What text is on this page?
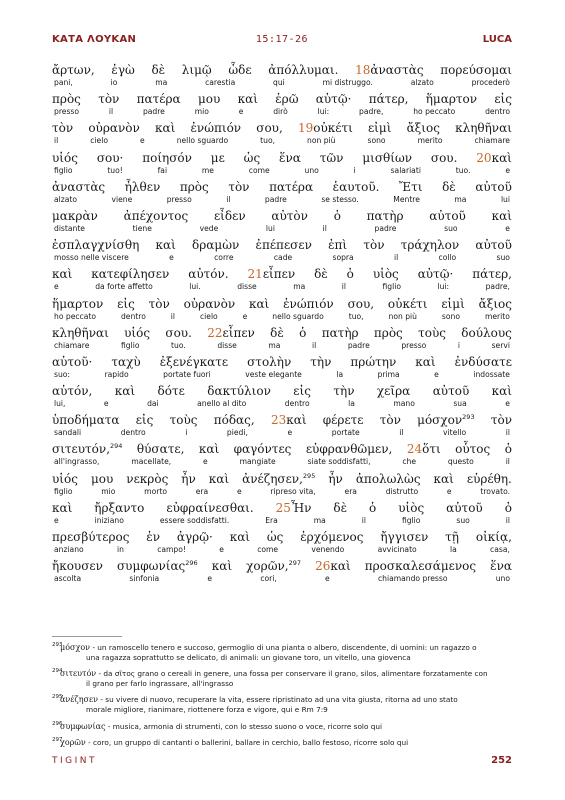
ΚΑΤΑ ΛΟΥΚΑΝ	15:17-26	LUCA
ἄρτων, ἐγὼ δὲ λιμῷ ὧδε ἀπόλλυμαι. 18ἀναστὰς πορεύσομαι
pani,	io	ma	carestia	qui	mi distruggo.	alzato	procederò
πρὸς τὸν πατέρα μου καὶ ἐρῶ αὐτῷ· πάτερ, ἥμαρτον εἰς
presso	il	padre	mio	e	dirò	lui:	padre,	ho peccato	dentro
τὸν οὐρανὸν καὶ ἐνώπιόν σου, 19οὐκέτι εἰμὶ ἄξιος κληθῆναι
il	cielo	e	nello sguardo	tuo,	non più	sono	merito	chiamare
υἱός σου· ποίησόν με ὡς ἕνα τῶν μισθίων σου. 20καὶ
figlio	tuo!	fai	me	come	uno	i	salariati	tuo.	e
ἀναστὰς ἦλθεν πρὸς τὸν πατέρα ἑαυτοῦ. Ἔτι δὲ αὐτοῦ
alzato	viene	presso	il	padre	se stesso.	Mentre	ma	lui
μακρὰν ἀπέχοντος εἶδεν αὐτὸν ὁ πατὴρ αὐτοῦ καὶ
distante	tiene	vede	lui	il	padre	suo	e
ἐσπλαγχνίσθη καὶ δραμὼν ἐπέπεσεν ἐπὶ τὸν τράχηλον αὐτοῦ
mosso nelle viscere	e	corre	cade	sopra	il	collo	suo
καὶ κατεφίλησεν αὐτόν. 21εἶπεν δὲ ὁ υἱὸς αὐτῷ· πάτερ,
e	da forte affetto	lui.	disse	ma	il	figlio	lui:	padre,
ἥμαρτον εἰς τὸν οὐρανὸν καὶ ἐνώπιόν σου, οὐκέτι εἰμὶ ἄξιος
ho peccato	dentro	il	cielo	e	nello sguardo	tuo,	non più	sono	merito
κληθῆναι υἱός σου. 22εἶπεν δὲ ὁ πατὴρ πρὸς τοὺς δούλους
chiamare	figlio	tuo.	disse	ma	il	padre	presso	i	servi
αὐτοῦ· ταχὺ ἐξενέγκατε στολὴν τὴν πρώτην καὶ ἐνδύσατε
suo:	rapido	portate fuori	veste elegante	la	prima	e	indossate
αὐτόν, καὶ δότε δακτύλιον εἰς τὴν χεῖρα αὐτοῦ καὶ
lui,	e	dai	anello al dito	dentro	la	mano	sua	e
ὑποδήματα εἰς τοὺς πόδας, 23καὶ φέρετε τὸν μόσχον$^{293}$ τὸν
sandali	dentro	i	piedi,	e	portate	il	vitello	il
σιτευτόν,$^{294}$ θύσατε, καὶ φαγόντες εὐφρανθῶμεν, 24ὅτι οὗτος ὁ
all'ingrasso,	macellate,	e	mangiate	siate soddisfatti,	che	questo	il
υἱός μου νεκρὸς ἦν καὶ ἀνέζησεν,$^{295}$ ἦν ἀπολωλὼς καὶ εὑρέθη.
figlio	mio	morto	era	e	ripreso vita,	era	distrutto	e	trovato.
καὶ ἤρξαντο εὐφραίνεσθαι. 25Ἦν δὲ ὁ υἱὸς αὐτοῦ ὁ
e	iniziano	essere soddisfatti.	Era	ma	il	figlio	suo	il
πρεσβύτερος ἐν ἀγρῷ· καὶ ὡς ἐρχόμενος ἤγγισεν τῇ οἰκίᾳ,
anziano	in	campo!	e	come	venendo	avvicinato	la	casa,
ἤκουσεν συμφωνίας$^{296}$ καὶ χορῶν,$^{297}$ 26καὶ προσκαλεσάμενος ἕνα
ascolta	sinfonia	e	cori,	e	chiamando presso	uno
293
μόσχον - un ramoscello tenero e succoso, germoglio di una pianta o albero, discendente, di uomini: un ragazzo o
una ragazza soprattutto se delicato, di animali: un giovane toro, un vitello, una giovenca
294
σιτευτόν - da σῖτος grano o cereali in genere, una fossa per conservare il grano, silos, alimentare forzatamente con
il grano per farlo ingrassare, all'ingrasso
295
ἀνέζησεν - su vivere di nuovo, recuperare la vita, essere ripristinato ad una vita giusta, ritorna ad uno stato
morale migliore, rianimare, riottenere forza e vigore, qui e Rm 7:9
296
συμφωνίας - musica, armonia di strumenti, con lo stesso suono o voce, ricorre solo qui
297
χορῶν - coro, un gruppo di cantanti o ballerini, ballare in cerchio, ballo festoso, ricorre solo qui
TIGINT	252
